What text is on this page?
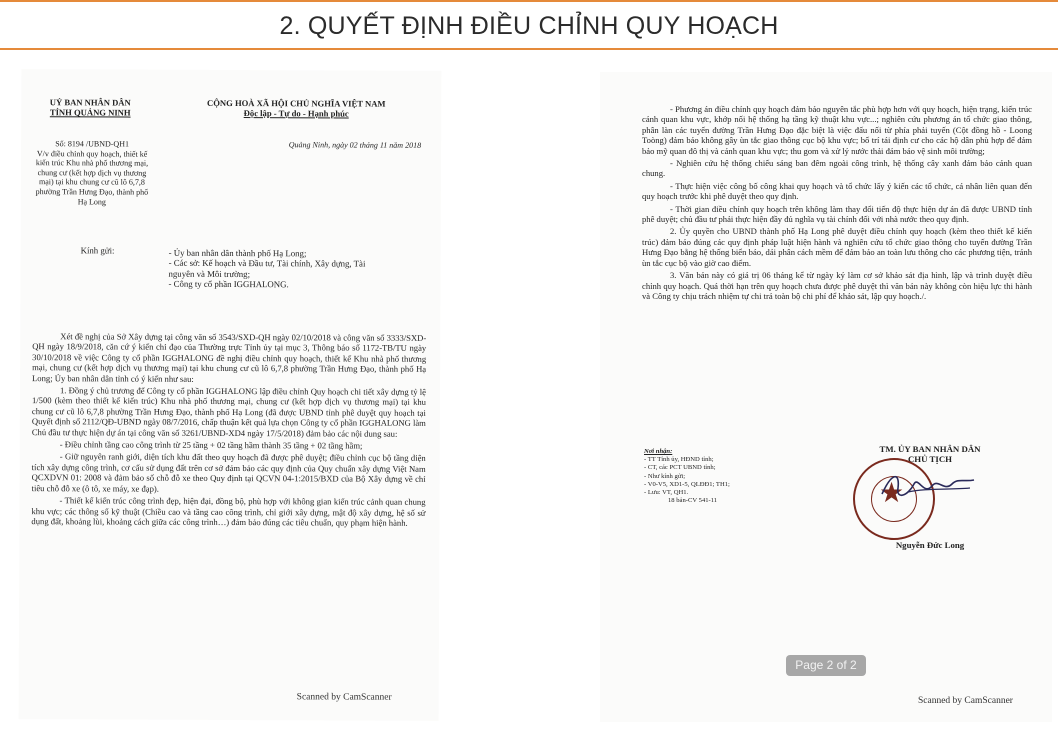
2. QUYẾT ĐỊNH ĐIỀU CHỈNH QUY HOẠCH
UỶ BAN NHÂN DÂN
TỈNH QUẢNG NINH
CỘNG HOÀ XÃ HỘI CHỦ NGHĨA VIỆT NAM
Độc lập - Tự do - Hạnh phúc
Số: 8194 /UBND-QH1
V/v điều chỉnh quy hoạch, thiết kế kiến trúc Khu nhà phố thương mại, chung cư (kết hợp dịch vụ thương mại) tại khu chung cư cũ lô 6,7,8 phường Trần Hưng Đạo, thành phố Hạ Long
Quảng Ninh, ngày 02 tháng 11 năm 2018
Kính gửi:	- Ủy ban nhân dân thành phố Hạ Long;
- Các sở: Kế hoạch và Đầu tư, Tài chính, Xây dựng, Tài nguyên và Môi trường;
- Công ty cổ phần IGGHALONG.

Xét đề nghị của Sở Xây dựng tại công văn số 3543/SXD-QH ngày 02/10/2018 và công văn số 3333/SXD-QH ngày 18/9/2018, căn cứ ý kiến chỉ đạo của Thường trực Tỉnh ủy tại mục 3, Thông báo số 1172-TB/TU ngày 30/10/2018 về việc Công ty cổ phần IGGHALONG đề nghị điều chỉnh quy hoạch, thiết kế Khu nhà phố thương mại, chung cư (kết hợp dịch vụ thương mại) tại khu chung cư cũ lô 6,7,8 phường Trần Hưng Đạo, thành phố Hạ Long; Ủy ban nhân dân tỉnh có ý kiến như sau:

1. Đồng ý chủ trương để Công ty cổ phần IGGHALONG lập điều chỉnh Quy hoạch chi tiết xây dựng tỷ lệ 1/500 (kèm theo thiết kế kiến trúc) Khu nhà phố thương mại, chung cư (kết hợp dịch vụ thương mại) tại khu chung cư cũ lô 6,7,8 phường Trần Hưng Đạo, thành phố Hạ Long (đã được UBND tỉnh phê duyệt quy hoạch tại Quyết định số 2112/QĐ-UBND ngày 08/7/2016, chấp thuận kết quả lựa chọn Công ty cổ phần IGGHALONG làm Chủ đầu tư thực hiện dự án tại công văn số 3261/UBND-XD4 ngày 17/5/2018) đảm bảo các nội dung sau:

- Điều chỉnh tầng cao công trình từ 25 tầng + 02 tầng hầm thành 35 tầng + 02 tầng hầm;

- Giữ nguyên ranh giới, diện tích khu đất theo quy hoạch đã được phê duyệt; điều chỉnh cục bộ tầng diện tích xây dựng công trình, cơ cấu sử dụng đất trên cơ sở đảm bảo các quy định của Quy chuẩn xây dựng Việt Nam QCXDVN 01: 2008 và đảm bảo số chỗ đỗ xe theo Quy định tại QCVN 04-1:2015/BXD của Bộ Xây dựng về chỉ tiêu chỗ đỗ xe (ô tô, xe máy, xe đạp).

- Thiết kế kiến trúc công trình đẹp, hiện đại, đồng bộ, phù hợp với không gian kiến trúc cảnh quan chung khu vực; các thông số kỹ thuật (Chiều cao và tầng cao công trình, chỉ giới xây dựng, mật độ xây dựng, hệ số sử dụng đất, khoảng lùi, khoảng cách giữa các công trình…) đảm bảo đúng các tiêu chuẩn, quy phạm hiện hành.

Scanned by CamScanner

- Phương án điều chỉnh quy hoạch đảm bảo nguyên tắc phù hợp hơn với quy hoạch, hiện trạng, kiến trúc cảnh quan khu vực, khớp nối hệ thống hạ tầng kỹ thuật khu vực...; nghiên cứu phương án tổ chức giao thông, phân làn các tuyến đường Trần Hưng Đạo đặc biệt là việc đấu nối từ phía phải tuyến (Cột đồng hồ - Loong Toòng) đảm bảo không gây ùn tắc giao thông cục bộ khu vực; bố trí tái định cư cho các hộ dân phù hợp để đảm bảo mỹ quan đô thị và cảnh quan khu vực; thu gom và xử lý nước thải đảm bảo vệ sinh môi trường;

- Nghiên cứu hệ thống chiếu sáng ban đêm ngoài công trình, hệ thống cây xanh đảm bảo cảnh quan chung.

- Thực hiện việc công bố công khai quy hoạch và tổ chức lấy ý kiến các tổ chức, cá nhân liên quan đến quy hoạch trước khi phê duyệt theo quy định.

- Thời gian điều chỉnh quy hoạch trên không làm thay đổi tiến độ thực hiện dự án đã được UBND tỉnh phê duyệt; chủ đầu tư phải thực hiện đầy đủ nghĩa vụ tài chính đối với nhà nước theo quy định.

2. Ủy quyền cho UBND thành phố Hạ Long phê duyệt điều chỉnh quy hoạch (kèm theo thiết kế kiến trúc) đảm bảo đúng các quy định pháp luật hiện hành và nghiên cứu tổ chức giao thông cho tuyến đường Trần Hưng Đạo bằng hệ thống biển báo, dải phân cách mềm để đảm bảo an toàn lưu thông cho các phương tiện, tránh ùn tắc cục bộ vào giờ cao điểm.

3. Văn bản này có giá trị 06 tháng kể từ ngày ký làm cơ sở khảo sát địa hình, lập và trình duyệt điều chỉnh quy hoạch. Quá thời hạn trên quy hoạch chưa được phê duyệt thì văn bản này không còn hiệu lực thi hành và Công ty chịu trách nhiệm tự chi trả toàn bộ chi phí để khảo sát, lập quy hoạch./.

Nơi nhận:
- TT Tỉnh ủy, HĐND tỉnh;
- CT, các PCT UBND tỉnh;
- Như kính gửi;
- V0-V5, XD1-5, QLĐĐ1; TH1;
- Lưu: VT, QH1.
18 bản-CV 541-11
TM. ỦY BAN NHÂN DÂN
CHỦ TỊCH
Nguyễn Đức Long
Scanned by CamScanner
★
Page 2 of 2
